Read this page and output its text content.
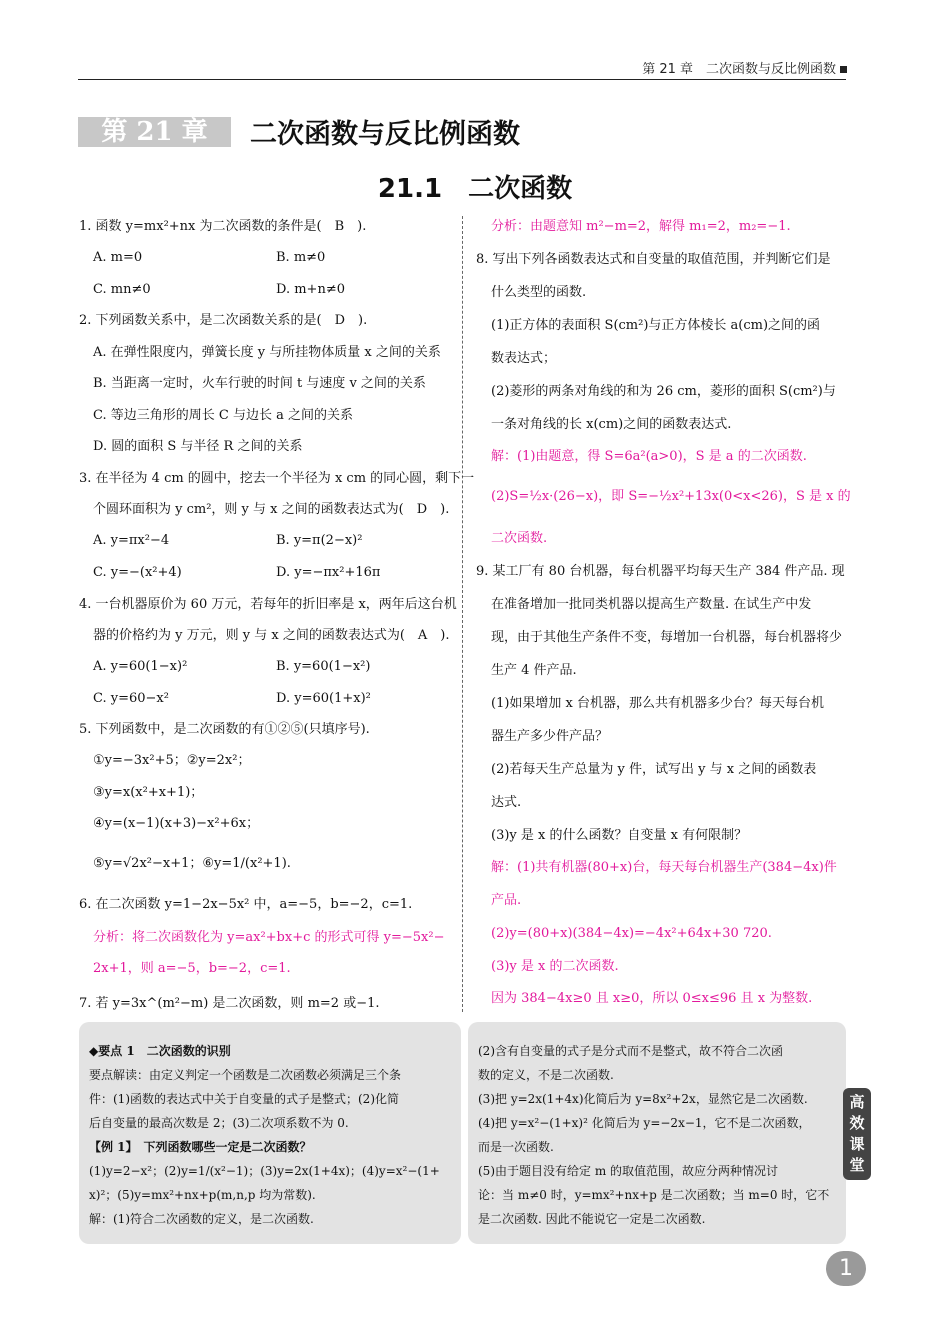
第 21 章　二次函数与反比例函数
第 21 章	二次函数与反比例函数
21.1　二次函数
1. 函数 y=mx²+nx 为二次函数的条件是(　B　).
A. m=0	B. m≠0
C. mn≠0	D. m+n≠0
2. 下列函数关系中，是二次函数关系的是(　D　).
A. 在弹性限度内，弹簧长度 y 与所挂物体质量 x 之间的关系
B. 当距离一定时，火车行驶的时间 t 与速度 v 之间的关系
C. 等边三角形的周长 C 与边长 a 之间的关系
D. 圆的面积 S 与半径 R 之间的关系
3. 在半径为 4 cm 的圆中，挖去一个半径为 x cm 的同心圆，剩下一
个圆环面积为 y cm²，则 y 与 x 之间的函数表达式为(　D　).
A. y=πx²−4	B. y=π(2−x)²
C. y=−(x²+4)	D. y=−πx²+16π
4. 一台机器原价为 60 万元，若每年的折旧率是 x，两年后这台机
器的价格约为 y 万元，则 y 与 x 之间的函数表达式为(　A　).
A. y=60(1−x)²	B. y=60(1−x²)
C. y=60−x²	D. y=60(1+x)²
5. 下列函数中，是二次函数的有①②⑤(只填序号).
①y=−3x²+5；②y=2x²；
③y=x(x²+x+1)；
④y=(x−1)(x+3)−x²+6x；
⑤y=√2x²−x+1；⑥y=1/(x²+1).
6. 在二次函数 y=1−2x−5x² 中，a=−5，b=−2，c=1.
分析：将二次函数化为 y=ax²+bx+c 的形式可得 y=−5x²−
2x+1，则 a=−5，b=−2，c=1.
7. 若 y=3x^(m²−m) 是二次函数，则 m=2 或−1.
分析：由题意知 m²−m=2，解得 m₁=2，m₂=−1.
8. 写出下列各函数表达式和自变量的取值范围，并判断它们是
什么类型的函数.
(1)正方体的表面积 S(cm²)与正方体棱长 a(cm)之间的函
数表达式；
(2)菱形的两条对角线的和为 26 cm，菱形的面积 S(cm²)与
一条对角线的长 x(cm)之间的函数表达式.
解：(1)由题意，得 S=6a²(a>0)，S 是 a 的二次函数.
(2)S=½x·(26−x)，即 S=−½x²+13x(0<x<26)，S 是 x 的
二次函数.
9. 某工厂有 80 台机器，每台机器平均每天生产 384 件产品. 现
在准备增加一批同类机器以提高生产数量. 在试生产中发
现，由于其他生产条件不变，每增加一台机器，每台机器将少
生产 4 件产品.
(1)如果增加 x 台机器，那么共有机器多少台？每天每台机
器生产多少件产品？
(2)若每天生产总量为 y 件，试写出 y 与 x 之间的函数表
达式.
(3)y 是 x 的什么函数？自变量 x 有何限制？
解：(1)共有机器(80+x)台，每天每台机器生产(384−4x)件
产品.
(2)y=(80+x)(384−4x)=−4x²+64x+30 720.
(3)y 是 x 的二次函数.
因为 384−4x≥0 且 x≥0，所以 0≤x≤96 且 x 为整数.
◆要点 1　二次函数的识别
要点解读：由定义判定一个函数是二次函数必须满足三个条
件：(1)函数的表达式中关于自变量的式子是整式；(2)化简
后自变量的最高次数是 2；(3)二次项系数不为 0.
【例 1】　下列函数哪些一定是二次函数？
(1)y=2−x²；(2)y=1/(x²−1)；(3)y=2x(1+4x)；(4)y=x²−(1+
x)²；(5)y=mx²+nx+p(m,n,p 均为常数).
解：(1)符合二次函数的定义，是二次函数.
(2)含有自变量的式子是分式而不是整式，故不符合二次函
数的定义，不是二次函数.
(3)把 y=2x(1+4x)化简后为 y=8x²+2x，显然它是二次函数.
(4)把 y=x²−(1+x)² 化简后为 y=−2x−1，它不是二次函数，
而是一次函数.
(5)由于题目没有给定 m 的取值范围，故应分两种情况讨
论：当 m≠0 时，y=mx²+nx+p 是二次函数；当 m=0 时，它不
是二次函数. 因此不能说它一定是二次函数.
高
效
课
堂
1
